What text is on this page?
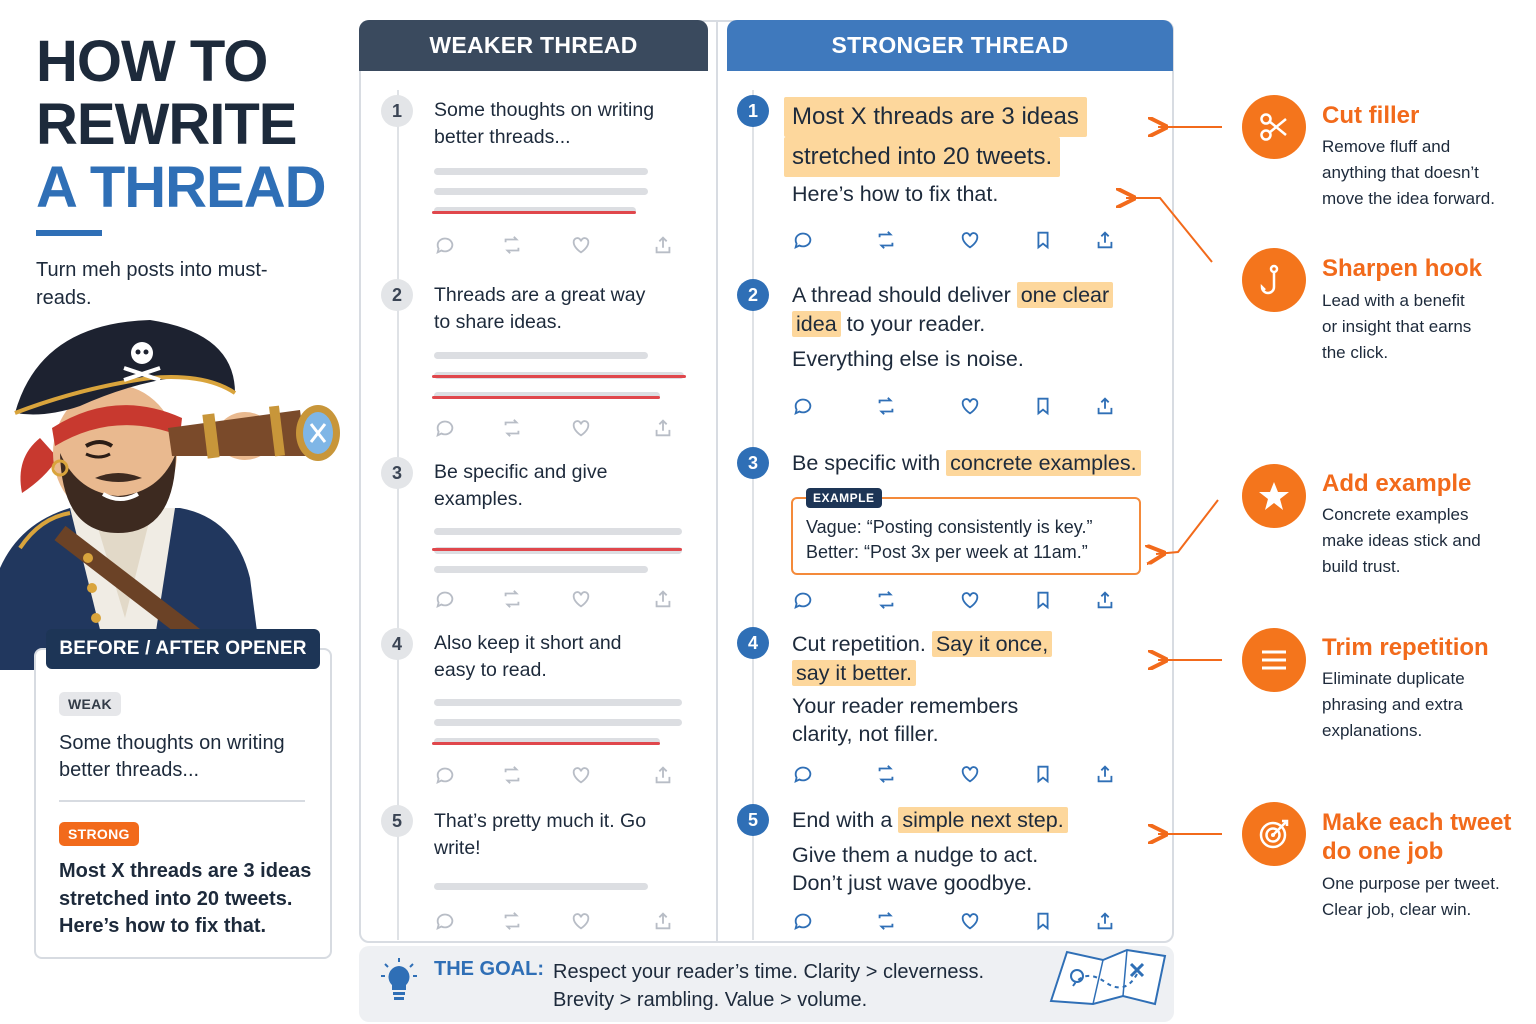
HOW TO
REWRITE
A THREAD
Turn meh posts into must-reads.
BEFORE / AFTER OPENER
WEAK
Some thoughts on writing better threads...
STRONG
Most X threads are 3 ideas stretched into 20 tweets. Here’s how to fix that.
WEAKER THREAD	STRONGER THREAD
1	Some thoughts on writing better threads...
2	Threads are a great way to share ideas.
3	Be specific and give examples.
4	Also keep it short and easy to read.
5	That’s pretty much it. Go write!
1	Most X threads are 3 ideas
stretched into 20 tweets.
Here’s how to fix that.
2	A thread should deliver one clear
idea to your reader.
Everything else is noise.
3	Be specific with concrete examples.
EXAMPLE
Vague: “Posting consistently is key.”
Better: “Post 3x per week at 11am.”
4	Cut repetition. Say it once,
say it better.
Your reader remembers
clarity, not filler.
5	End with a simple next step.
Give them a nudge to act.
Don’t just wave goodbye.
THE GOAL: Respect your reader’s time. Clarity > cleverness. Brevity > rambling. Value > volume.
Cut filler
Remove fluff and anything that doesn’t move the idea forward.
Sharpen hook
Lead with a benefit or insight that earns the click.
Add example
Concrete examples make ideas stick and build trust.
Trim repetition
Eliminate duplicate phrasing and extra explanations.
Make each tweet do one job
One purpose per tweet. Clear job, clear win.
